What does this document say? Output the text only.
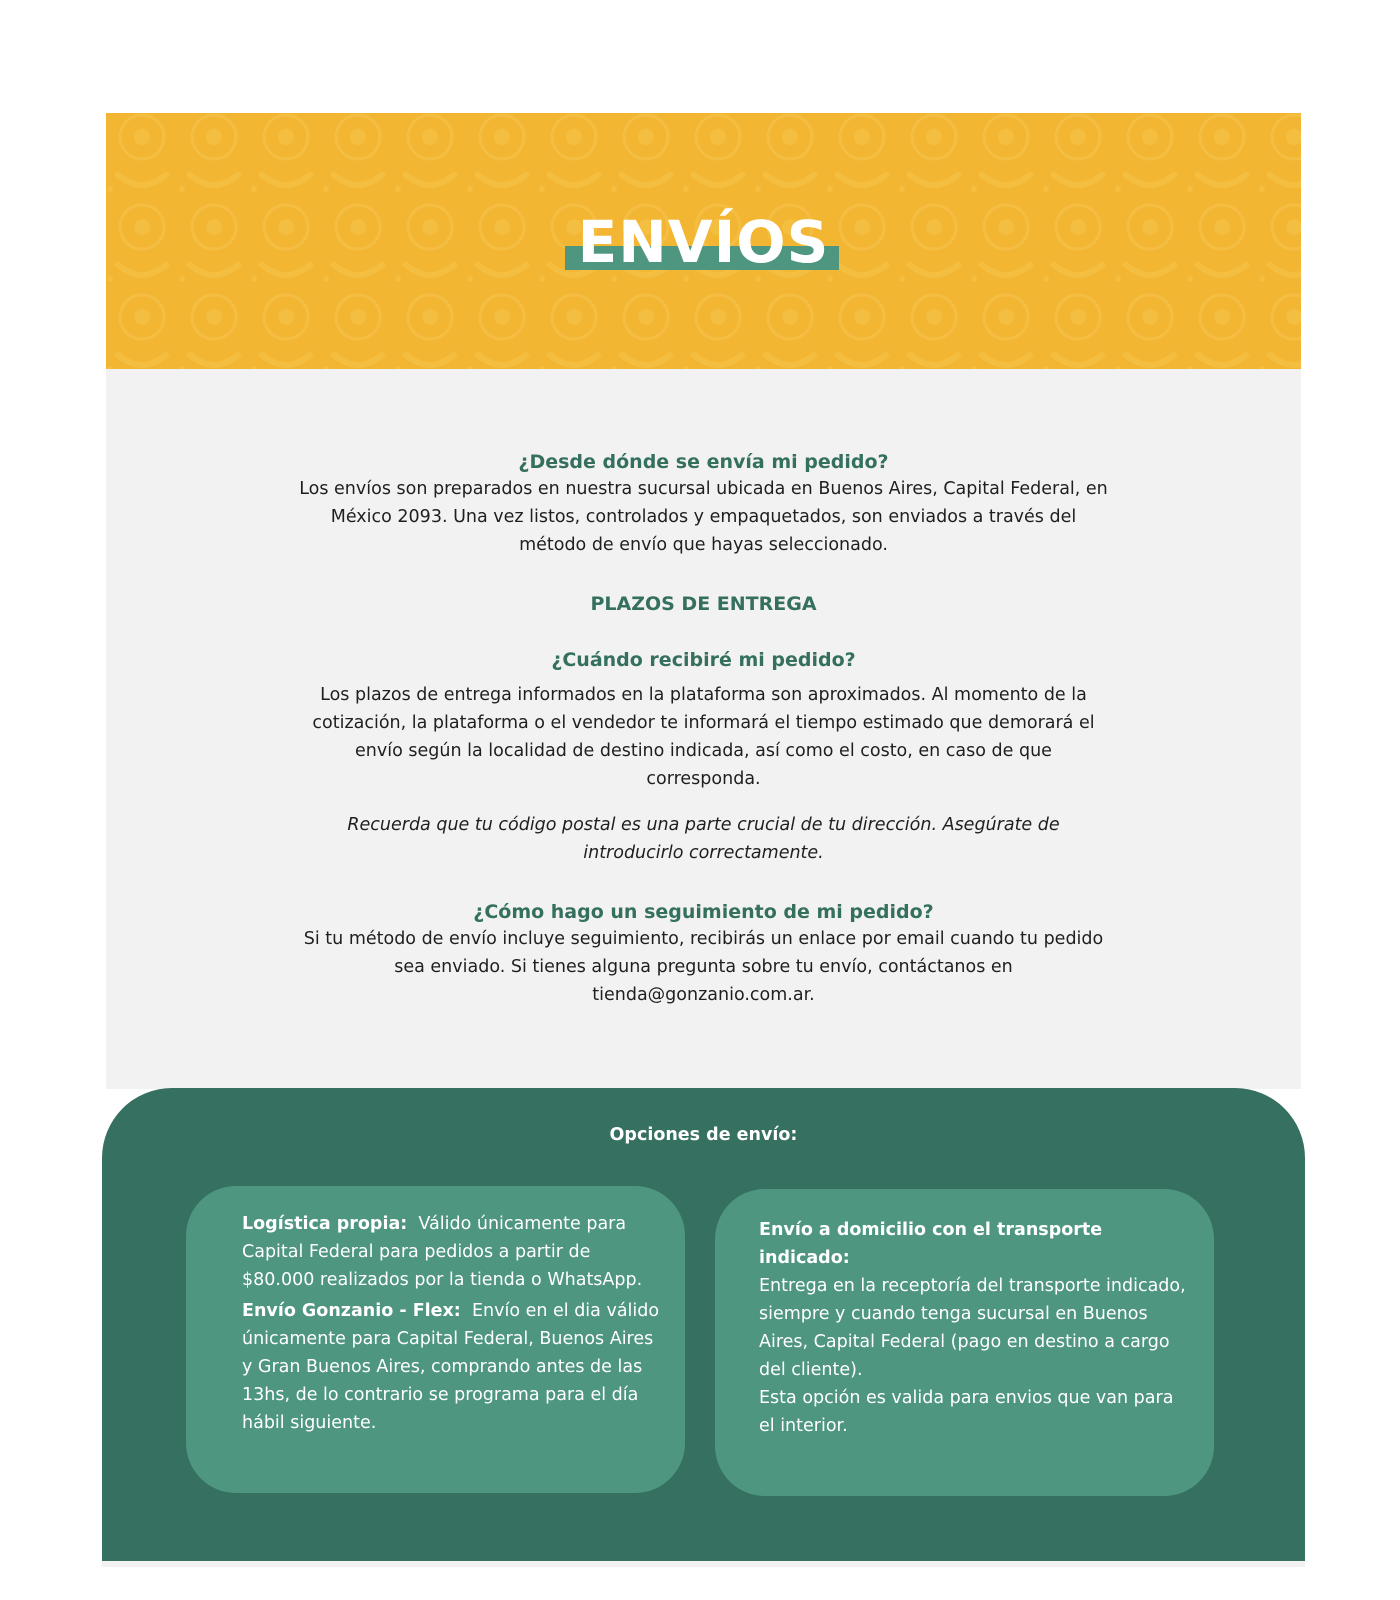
ENVÍOS
¿Desde dónde se envía mi pedido?
Los envíos son preparados en nuestra sucursal ubicada en Buenos Aires, Capital Federal, en México 2093. Una vez listos, controlados y empaquetados, son enviados a través del método de envío que hayas seleccionado.
PLAZOS DE ENTREGA
¿Cuándo recibiré mi pedido?
Los plazos de entrega informados en la plataforma son aproximados. Al momento de la cotización, la plataforma o el vendedor te informará el tiempo estimado que demorará el envío según la localidad de destino indicada, así como el costo, en caso de que corresponda.
Recuerda que tu código postal es una parte crucial de tu dirección. Asegúrate de introducirlo correctamente.
¿Cómo hago un seguimiento de mi pedido?
Si tu método de envío incluye seguimiento, recibirás un enlace por email cuando tu pedido sea enviado. Si tienes alguna pregunta sobre tu envío, contáctanos en tienda@gonzanio.com.ar.
Opciones de envío:
Logística propia: Válido únicamente para Capital Federal para pedidos a partir de $80.000 realizados por la tienda o WhatsApp.
Envío Gonzanio - Flex: Envío en el dia válido únicamente para Capital Federal, Buenos Aires y Gran Buenos Aires, comprando antes de las 13hs, de lo contrario se programa para el día hábil siguiente.
Envío a domicilio con el transporte indicado:
Entrega en la receptoría del transporte indicado, siempre y cuando tenga sucursal en Buenos Aires, Capital Federal (pago en destino a cargo del cliente).
Esta opción es valida para envios que van para el interior.
